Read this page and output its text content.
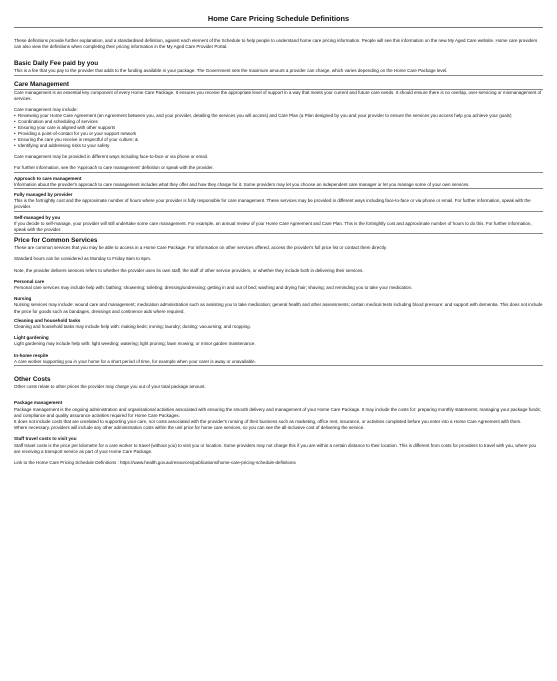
Home Care Pricing Schedule Definitions

These definitions provide further explanation, and a standardised definition, against each element of the Schedule to help people to understand home care pricing information. People will see this information on the new My Aged Care website. Home care providers can also view the definitions when completing their pricing information in the My Aged Care Provider Portal.

Basic Daily Fee paid by you

This is a fee that you pay to the provider that adds to the funding available in your package. The Government sets the maximum amount a provider can charge, which varies depending on the Home Care Package level.

Care Management

Care management is an essential key component of every Home Care Package. It ensures you receive the appropriate level of support in a way that meets your current and future care needs. It should ensure there is no overlap, over-servicing or mismanagement of services.

Care management may include:

• Reviewing your Home Care Agreement (an Agreement between you, and your provider, detailing the services you will access) and Care Plan (a Plan designed by you and your provider to ensure the services you access help you achieve your goals)
• Coordination and scheduling of services
• Ensuring your care is aligned with other supports
• Providing a point-of-contact for you or your support network
• Ensuring the care you receive is respectful of your culture; &
• Identifying and addressing risks to your safety

Care management may be provided in different ways including face-to-face or via phone or email.

For further information, see the 'Approach to care management' definition or speak with the provider.

Approach to care management

Information about the provider's approach to care management includes what they offer and how they charge for it. Some providers may let you choose an independent care manager or let you manage some of your own services.

Fully managed by provider

This is the fortnightly cost and the approximate number of hours where your provider is fully responsible for care management. These services may be provided in different ways including face-to-face or via phone or email. For further information, speak with the provider.

Self-managed by you

If you decide to self-manage, your provider will still undertake some care management. For example, an annual review of your Home Care Agreement and Care Plan. This is the fortnightly cost and approximate number of hours to do this. For further information, speak with the provider.

Price for Common Services

These are common services that you may be able to access in a Home Care Package. For information on other services offered, access the provider's full price list or contact them directly.

Standard hours can be considered as Monday to Friday 8am to 6pm.

Note, the provider delivers services refers to whether the provider uses its own staff, the staff of other service providers, or whether they include both in delivering their services.

Personal care

Personal care services may include help with: bathing; showering; toileting; dressing/undressing; getting in and out of bed; washing and drying hair; shaving; and reminding you to take your medication.

Nursing

Nursing services may include: wound care and management; medication administration such as assisting you to take medication; general health and other assessments; certain medical tests including blood pressure; and support with dementia. This does not include the price for goods such as bandages, dressings and continence aids where required.

Cleaning and household tasks

Cleaning and household tasks may include help with: making beds; ironing; laundry; dusting; vacuuming; and mopping.

Light gardening

Light gardening may include help with: light weeding; watering; light pruning; lawn mowing; or minor garden maintenance.

In-home respite

A care worker supporting you in your home for a short period of time, for example when your carer is away or unavailable.

Other Costs

Other costs relate to other prices the provider may charge you out of your total package amount.

Package management

Package management is the ongoing administration and organisational activities associated with ensuring the smooth delivery and management of your Home Care Package. It may include the costs for: preparing monthly statements; managing your package funds; and compliance and quality assurance activities required for Home Care Packages.

It does not include costs that are unrelated to supporting your care, nor costs associated with the provider's running of their business such as marketing, office rent, insurance, or activities completed before you enter into a Home Care Agreement with them.

Where necessary, providers will include any other administration costs within the unit price for home care services, so you can see the all-inclusive cost of delivering the service.

Staff travel costs to visit you

Staff travel costs is the price per kilometre for a care worker to travel (without you) to visit you or location. Some providers may not charge this if you are within a certain distance to their location. This is different from costs for providers to travel with you, where you are receiving a transport service as part of your Home Care Package.

Link to the Home Care Pricing Schedule Definitions : https://www.health.gov.au/resources/publications/home-care-pricing-schedule-definitions
